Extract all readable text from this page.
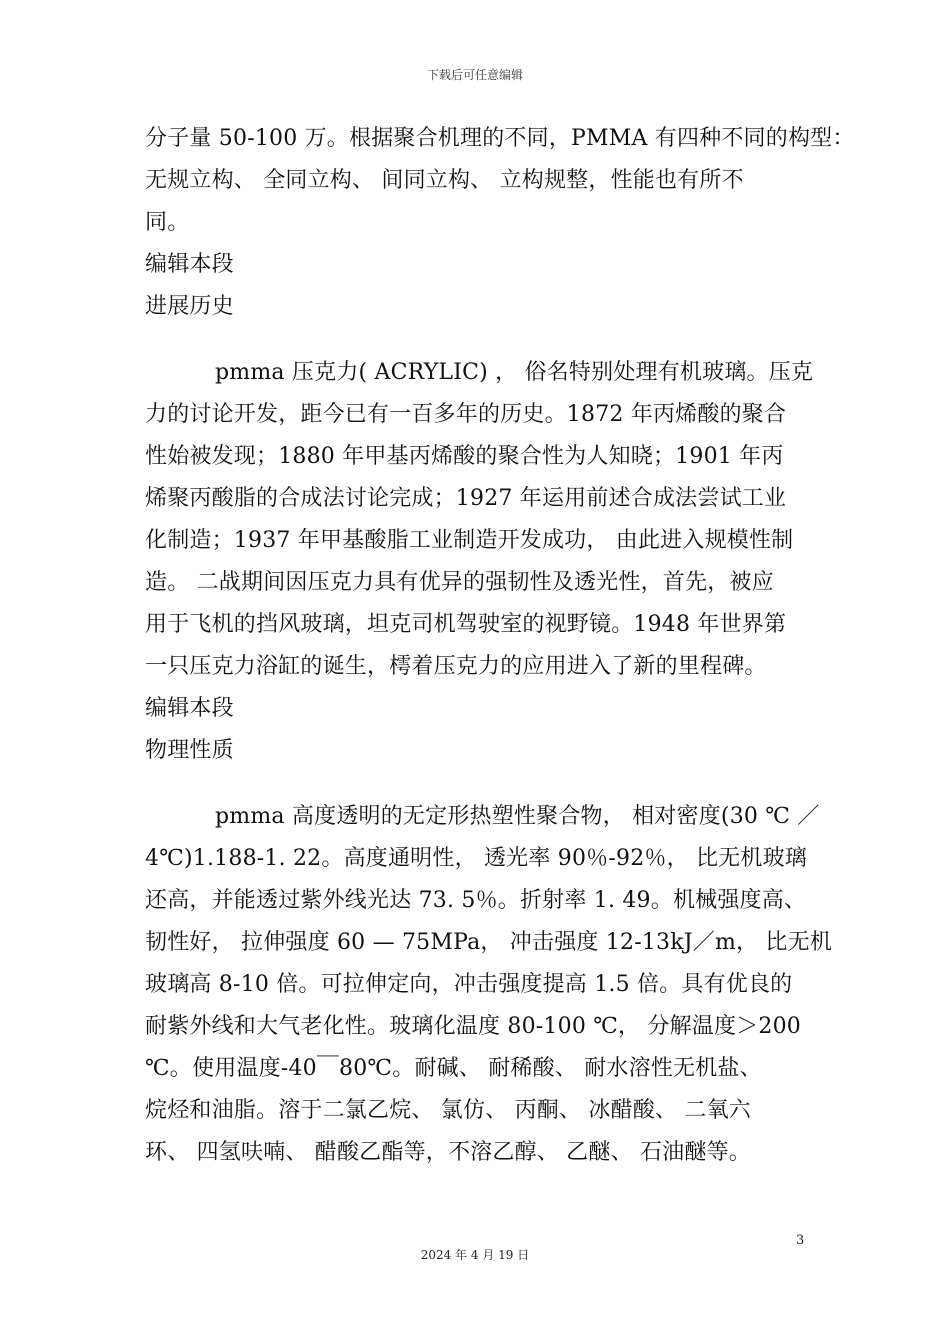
下载后可任意编辑
分子量 50-100 万。根据聚合机理的不同，PMMA 有四种不同的构型：
无规立构、 全同立构、 间同立构、 立构规整，性能也有所不
同。
编辑本段
进展历史
pmma 压克力( ACRYLIC) ， 俗名特别处理有机玻璃。压克
力的讨论开发，距今已有一百多年的历史。1872 年丙烯酸的聚合
性始被发现；1880 年甲基丙烯酸的聚合性为人知晓；1901 年丙
烯聚丙酸脂的合成法讨论完成；1927 年运用前述合成法尝试工业
化制造；1937 年甲基酸脂工业制造开发成功， 由此进入规模性制
造。 二战期间因压克力具有优异的强韧性及透光性，首先，被应
用于飞机的挡风玻璃，坦克司机驾驶室的视野镜。1948 年世界第
一只压克力浴缸的诞生，樗着压克力的应用进入了新的里程碑。
编辑本段
物理性质
pmma 高度透明的无定形热塑性聚合物， 相对密度(30 ℃ ／
4℃)1.188-1. 22。高度通明性， 透光率 90％-92％， 比无机玻璃
还高，并能透过紫外线光达 73. 5％。折射率 1. 49。机械强度高、
韧性好， 拉伸强度 60 — 75MPa， 冲击强度 12-13kJ／m， 比无机
玻璃高 8-10 倍。可拉伸定向，冲击强度提高 1.5 倍。具有优良的
耐紫外线和大气老化性。玻璃化温度 80-100 ℃， 分解温度＞200
℃。使用温度-40￣80℃。耐碱、 耐稀酸、 耐水溶性无机盐、
烷烃和油脂。溶于二氯乙烷、 氯仿、 丙酮、 冰醋酸、 二氧六
环、 四氢呋喃、 醋酸乙酯等，不溶乙醇、 乙醚、 石油醚等。
3
2024 年 4 月 19 日
